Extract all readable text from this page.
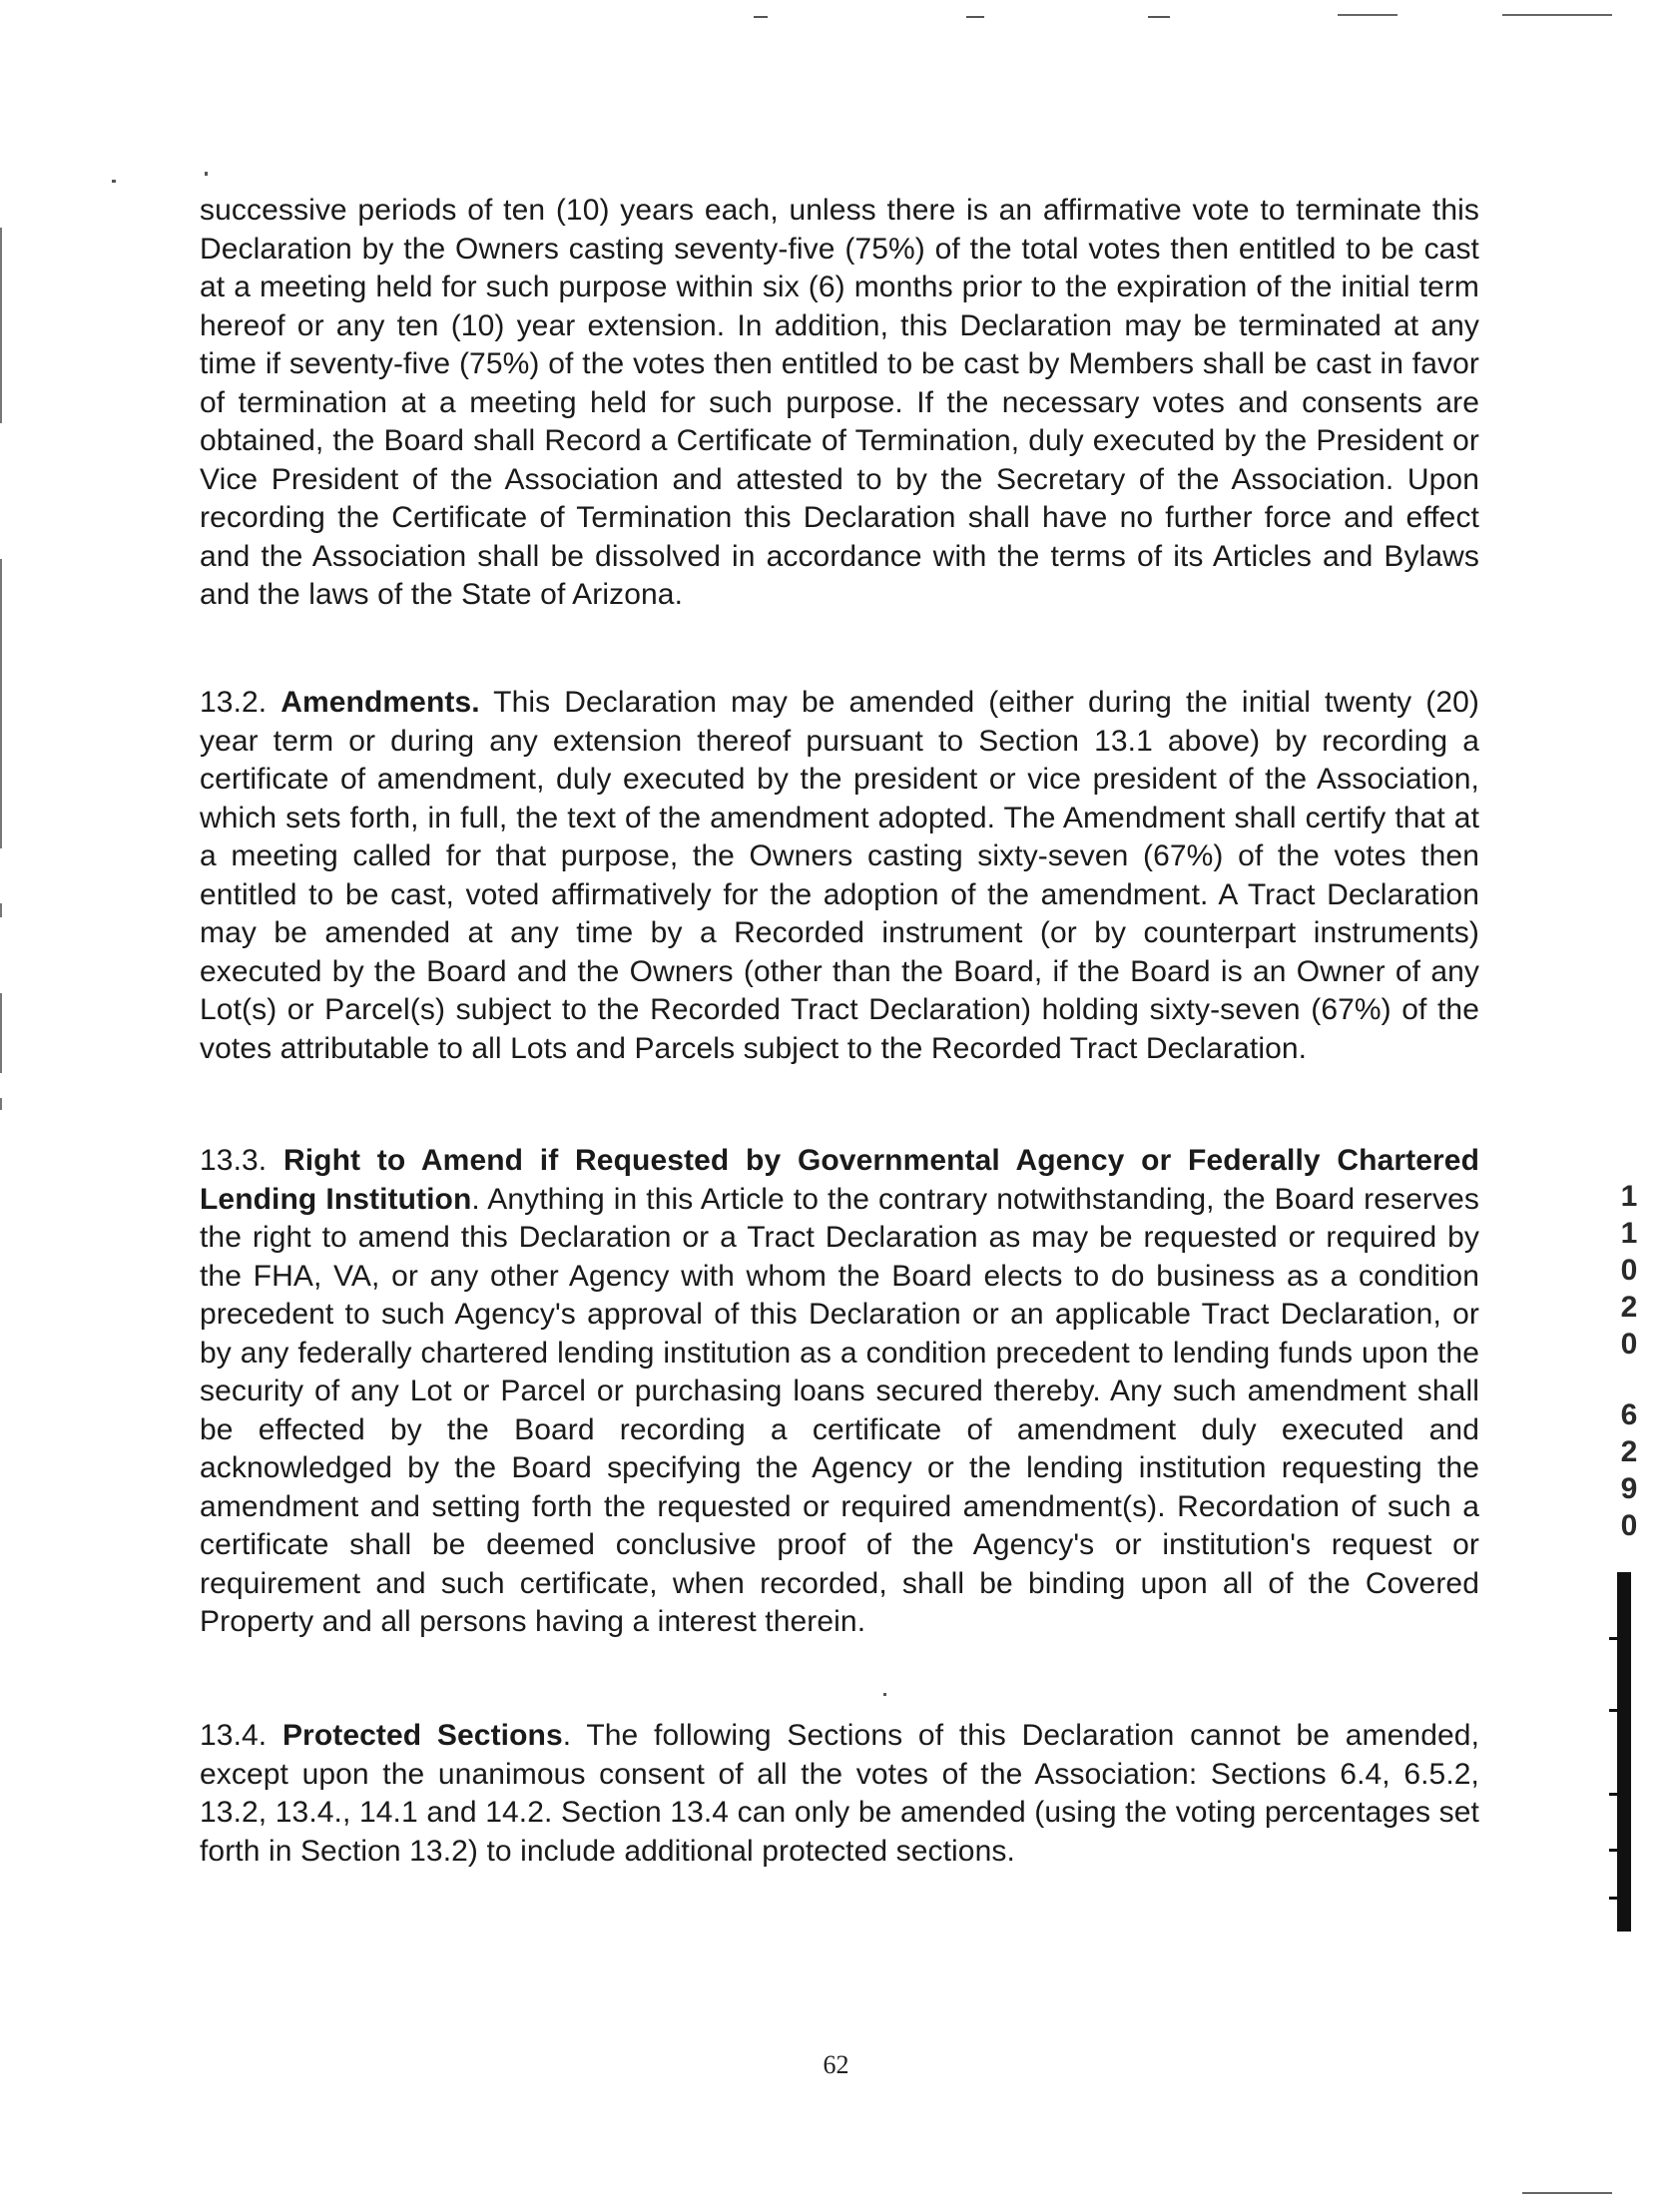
successive periods of ten (10) years each, unless there is an affirmative vote to terminate this Declaration by the Owners casting seventy-five (75%) of the total votes then entitled to be cast at a meeting held for such purpose within six (6) months prior to the expiration of the initial term hereof or any ten (10) year extension. In addition, this Declaration may be terminated at any time if seventy-five (75%) of the votes then entitled to be cast by Members shall be cast in favor of termination at a meeting held for such purpose. If the necessary votes and consents are obtained, the Board shall Record a Certificate of Termination, duly executed by the President or Vice President of the Association and attested to by the Secretary of the Association. Upon recording the Certificate of Termination this Declaration shall have no further force and effect and the Association shall be dissolved in accordance with the terms of its Articles and Bylaws and the laws of the State of Arizona.

13.2. Amendments. This Declaration may be amended (either during the initial twenty (20) year term or during any extension thereof pursuant to Section 13.1 above) by recording a certificate of amendment, duly executed by the president or vice president of the Association, which sets forth, in full, the text of the amendment adopted. The Amendment shall certify that at a meeting called for that purpose, the Owners casting sixty-seven (67%) of the votes then entitled to be cast, voted affirmatively for the adoption of the amendment. A Tract Declaration may be amended at any time by a Recorded instrument (or by counterpart instruments) executed by the Board and the Owners (other than the Board, if the Board is an Owner of any Lot(s) or Parcel(s) subject to the Recorded Tract Declaration) holding sixty-seven (67%) of the votes attributable to all Lots and Parcels subject to the Recorded Tract Declaration.

13.3. Right to Amend if Requested by Governmental Agency or Federally Chartered Lending Institution. Anything in this Article to the contrary notwithstanding, the Board reserves the right to amend this Declaration or a Tract Declaration as may be requested or required by the FHA, VA, or any other Agency with whom the Board elects to do business as a condition precedent to such Agency's approval of this Declaration or an applicable Tract Declaration, or by any federally chartered lending institution as a condition precedent to lending funds upon the security of any Lot or Parcel or purchasing loans secured thereby. Any such amendment shall be effected by the Board recording a certificate of amendment duly executed and acknowledged by the Board specifying the Agency or the lending institution requesting the amendment and setting forth the requested or required amendment(s). Recordation of such a certificate shall be deemed conclusive proof of the Agency's or institution's request or requirement and such certificate, when recorded, shall be binding upon all of the Covered Property and all persons having a interest therein.

13.4. Protected Sections. The following Sections of this Declaration cannot be amended, except upon the unanimous consent of all the votes of the Association: Sections 6.4, 6.5.2, 13.2, 13.4., 14.1 and 14.2. Section 13.4 can only be amended (using the voting percentages set forth in Section 13.2) to include additional protected sections.

62
1
1
0
2
0
6
2
9
0
